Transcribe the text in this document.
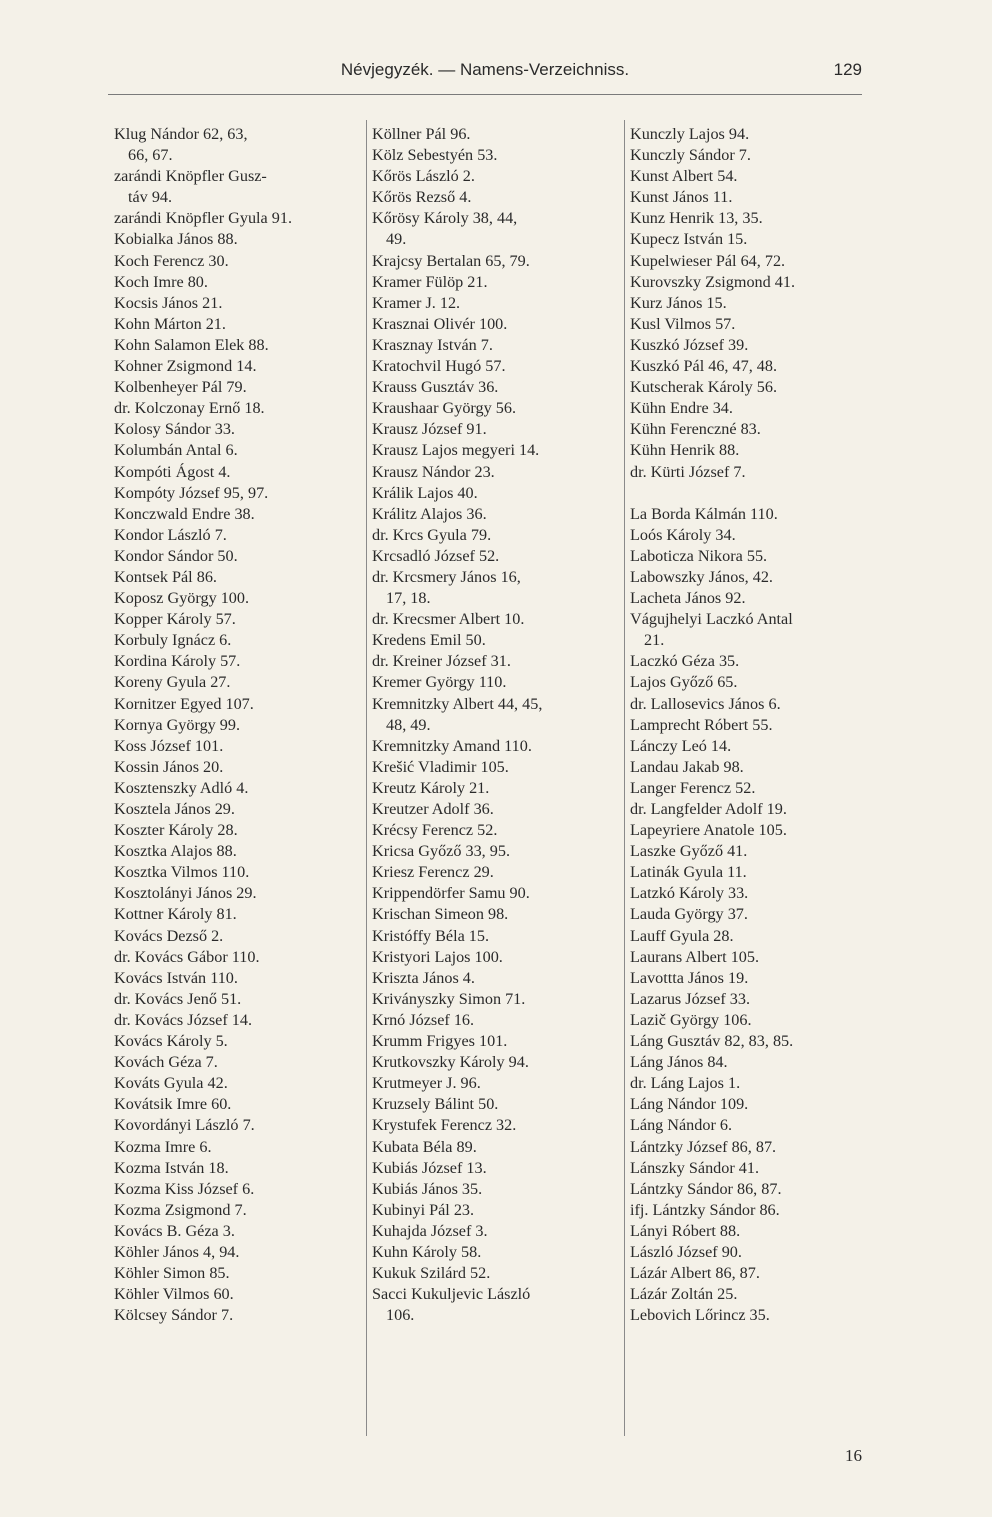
Névjegyzék. — Namens-Verzeichniss.	129
Klug Nándor 62, 63,
66, 67.
zarándi Knöpfler Gusz-
táv 94.
zarándi Knöpfler Gyula 91.
Kobialka János 88.
Koch Ferencz 30.
Koch Imre 80.
Kocsis János 21.
Kohn Márton 21.
Kohn Salamon Elek 88.
Kohner Zsigmond 14.
Kolbenheyer Pál 79.
dr. Kolczonay Ernő 18.
Kolosy Sándor 33.
Kolumbán Antal 6.
Kompóti Ágost 4.
Kompóty József 95, 97.
Konczwald Endre 38.
Kondor László 7.
Kondor Sándor 50.
Kontsek Pál 86.
Koposz György 100.
Kopper Károly 57.
Korbuly Ignácz 6.
Kordina Károly 57.
Koreny Gyula 27.
Kornitzer Egyed 107.
Kornya György 99.
Koss József 101.
Kossin János 20.
Kosztenszky Adló 4.
Kosztela János 29.
Koszter Károly 28.
Kosztka Alajos 88.
Kosztka Vilmos 110.
Kosztolányi János 29.
Kottner Károly 81.
Kovács Dezső 2.
dr. Kovács Gábor 110.
Kovács István 110.
dr. Kovács Jenő 51.
dr. Kovács József 14.
Kovács Károly 5.
Kovách Géza 7.
Kováts Gyula 42.
Kovátsik Imre 60.
Kovordányi László 7.
Kozma Imre 6.
Kozma István 18.
Kozma Kiss József 6.
Kozma Zsigmond 7.
Kovács B. Géza 3.
Köhler János 4, 94.
Köhler Simon 85.
Köhler Vilmos 60.
Kölcsey Sándor 7.
Köllner Pál 96.
Kölz Sebestyén 53.
Kőrös László 2.
Kőrös Rezső 4.
Kőrösy Károly 38, 44,
49.
Krajcsy Bertalan 65, 79.
Kramer Fülöp 21.
Kramer J. 12.
Krasznai Olivér 100.
Krasznay István 7.
Kratochvil Hugó 57.
Krauss Gusztáv 36.
Kraushaar György 56.
Krausz József 91.
Krausz Lajos megyeri 14.
Krausz Nándor 23.
Králik Lajos 40.
Králitz Alajos 36.
dr. Krcs Gyula 79.
Krcsadló József 52.
dr. Krcsmery János 16,
17, 18.
dr. Krecsmer Albert 10.
Kredens Emil 50.
dr. Kreiner József 31.
Kremer György 110.
Kremnitzky Albert 44, 45,
48, 49.
Kremnitzky Amand 110.
Krešić Vladimir 105.
Kreutz Károly 21.
Kreutzer Adolf 36.
Krécsy Ferencz 52.
Kricsa Győző 33, 95.
Kriesz Ferencz 29.
Krippendörfer Samu 90.
Krischan Simeon 98.
Kristóffy Béla 15.
Kristyori Lajos 100.
Kriszta János 4.
Kriványszky Simon 71.
Krnó József 16.
Krumm Frigyes 101.
Krutkovszky Károly 94.
Krutmeyer J. 96.
Kruzsely Bálint 50.
Krystufek Ferencz 32.
Kubata Béla 89.
Kubiás József 13.
Kubiás János 35.
Kubinyi Pál 23.
Kuhajda József 3.
Kuhn Károly 58.
Kukuk Szilárd 52.
Sacci Kukuljevic László
106.
Kunczly Lajos 94.
Kunczly Sándor 7.
Kunst Albert 54.
Kunst János 11.
Kunz Henrik 13, 35.
Kupecz István 15.
Kupelwieser Pál 64, 72.
Kurovszky Zsigmond 41.
Kurz János 15.
Kusl Vilmos 57.
Kuszkó József 39.
Kuszkó Pál 46, 47, 48.
Kutscherak Károly 56.
Kühn Endre 34.
Kühn Ferenczné 83.
Kühn Henrik 88.
dr. Kürti József 7.
La Borda Kálmán 110.
Loós Károly 34.
Laboticza Nikora 55.
Labowszky János, 42.
Lacheta János 92.
Vágujhelyi Laczkó Antal
21.
Laczkó Géza 35.
Lajos Győző 65.
dr. Lallosevics János 6.
Lamprecht Róbert 55.
Lánczy Leó 14.
Landau Jakab 98.
Langer Ferencz 52.
dr. Langfelder Adolf 19.
Lapeyriere Anatole 105.
Laszke Győző 41.
Latinák Gyula 11.
Latzkó Károly 33.
Lauda György 37.
Lauff Gyula 28.
Laurans Albert 105.
Lavottta János 19.
Lazarus József 33.
Lazič György 106.
Láng Gusztáv 82, 83, 85.
Láng János 84.
dr. Láng Lajos 1.
Láng Nándor 109.
Láng Nándor 6.
Lántzky József 86, 87.
Lánszky Sándor 41.
Lántzky Sándor 86, 87.
ifj. Lántzky Sándor 86.
Lányi Róbert 88.
László József 90.
Lázár Albert 86, 87.
Lázár Zoltán 25.
Lebovich Lőrincz 35.
16
